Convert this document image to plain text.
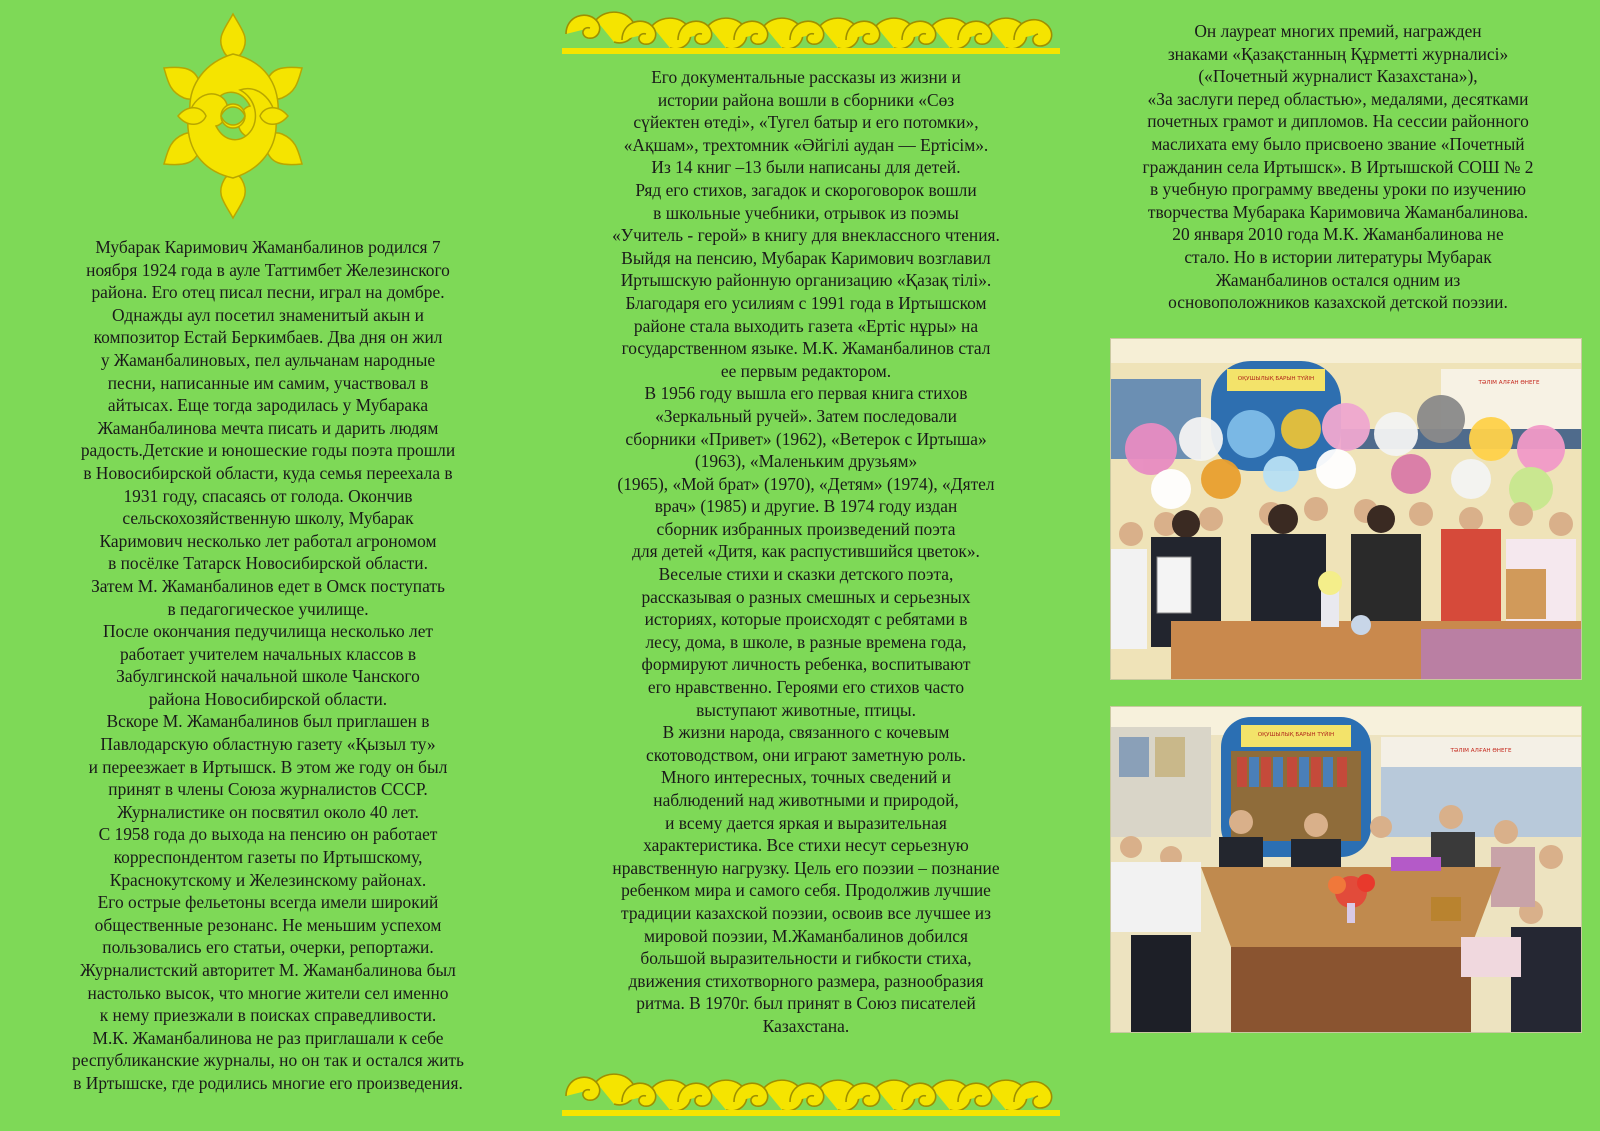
Мубарак Каримович Жаманбалинов родился 7

ноября 1924 года в ауле Таттимбет Железинского

района. Его отец писал песни, играл на домбре.

Однажды аул посетил знаменитый акын и

композитор Естай Беркимбаев. Два дня он жил

у Жаманбалиновых, пел аульчанам народные

песни, написанные им самим, участвовал в

айтысах. Еще тогда зародилась у Мубарака

Жаманбалинова мечта писать и дарить людям

радость.Детские и юношеские годы поэта прошли

в Новосибирской области, куда семья переехала в

1931 году, спасаясь от голода. Окончив

сельскохозяйственную школу, Мубарак

Каримович несколько лет работал агрономом

в посёлке Татарск Новосибирской области.

Затем М. Жаманбалинов едет в Омск поступать

в педагогическое училище.

После окончания педучилища несколько лет

работает учителем начальных классов в

Забулгинской начальной школе Чанского

района Новосибирской области.

Вскоре М. Жаманбалинов был приглашен в

Павлодарскую областную газету «Қызыл ту»

и переезжает в Иртышск. В этом же году он был

принят в члены Союза журналистов СССР.

Журналистике он посвятил около 40 лет.

С 1958 года до выхода на пенсию он работает

корреспондентом газеты по Иртышскому,

Краснокутскому и Железинскому районах.

Его острые фельетоны всегда имели широкий

общественные резонанс. Не меньшим успехом

пользовались его статьи, очерки, репортажи.

Журналистский авторитет М. Жаманбалинова был

настолько высок, что многие жители сел именно

к нему приезжали в поисках справедливости.

М.К. Жаманбалинова не раз приглашали к себе

республиканские журналы, но он так и остался жить

в Иртышске, где родились многие его произведения.

Его документальные рассказы из жизни и

истории района вошли в сборники «Сөз

сүйектен өтеді», «Тугел батыр и его потомки»,

«Ақшам», трехтомник «Әйгілі аудан — Ертісім».

Из 14 книг –13 были написаны для детей.

Ряд его стихов, загадок и скороговорок вошли

в школьные учебники, отрывок из поэмы

«Учитель - герой» в книгу для внеклассного чтения.

Выйдя на пенсию, Мубарак Каримович возглавил

Иртышскую районную организацию «Қазақ тілі».

Благодаря его усилиям с 1991 года в Иртышском

районе стала выходить газета «Ертіс нұры» на

государственном языке. М.К. Жаманбалинов стал

ее первым редактором.

В 1956 году вышла его первая книга стихов

«Зеркальный ручей». Затем последовали

сборники «Привет» (1962), «Ветерок с Иртыша»

(1963), «Маленьким друзьям»

(1965), «Мой брат» (1970), «Детям» (1974), «Дятел

врач» (1985) и другие. В 1974 году издан

сборник избранных произведений поэта

для детей «Дитя, как распустившийся цветок».

Веселые стихи и сказки детского поэта,

рассказывая о разных смешных и серьезных

историях, которые происходят с ребятами в

лесу, дома, в школе, в разные времена года,

формируют личность ребенка, воспитывают

его нравственно. Героями его стихов часто

выступают животные, птицы.

В жизни народа, связанного с кочевым

скотоводством, они играют заметную роль.

Много интересных, точных сведений и

наблюдений над животными и природой,

и всему дается яркая и выразительная

характеристика. Все стихи несут серьезную

нравственную нагрузку. Цель его поэзии – познание

ребенком мира и самого себя. Продолжив лучшие

традиции казахской поэзии, освоив все лучшее из

мировой поэзии, М.Жаманбалинов добился

большой выразительности и гибкости стиха,

движения стихотворного размера, разнообразия

ритма. В 1970г. был принят в Союз писателей

Казахстана.

Он лауреат многих премий, награжден

знаками «Қазақстанның Құрметті журналисі»

(«Почетный журналист Казахстана»),

«За заслуги перед областью», медалями, десятками

почетных грамот и дипломов. На сессии районного

маслихата ему было присвоено звание «Почетный

гражданин села Иртышск». В Иртышской СОШ № 2

в учебную программу введены уроки по изучению

творчества Мубарака Каримовича Жаманбалинова.

20 января 2010 года М.К. Жаманбалинова не

стало. Но в истории литературы Мубарак

Жаманбалинов остался одним из

основоположников казахской детской поэзии.

ОҚУШЫЛЫҚ БАРЫН ТҮЙІН
ТӘЛІМ АЛҒАН ӨНЕГЕ
ОҚУШЫЛЫҚ БАРЫН ТҮЙІН
ТӘЛІМ АЛҒАН ӨНЕГЕ
